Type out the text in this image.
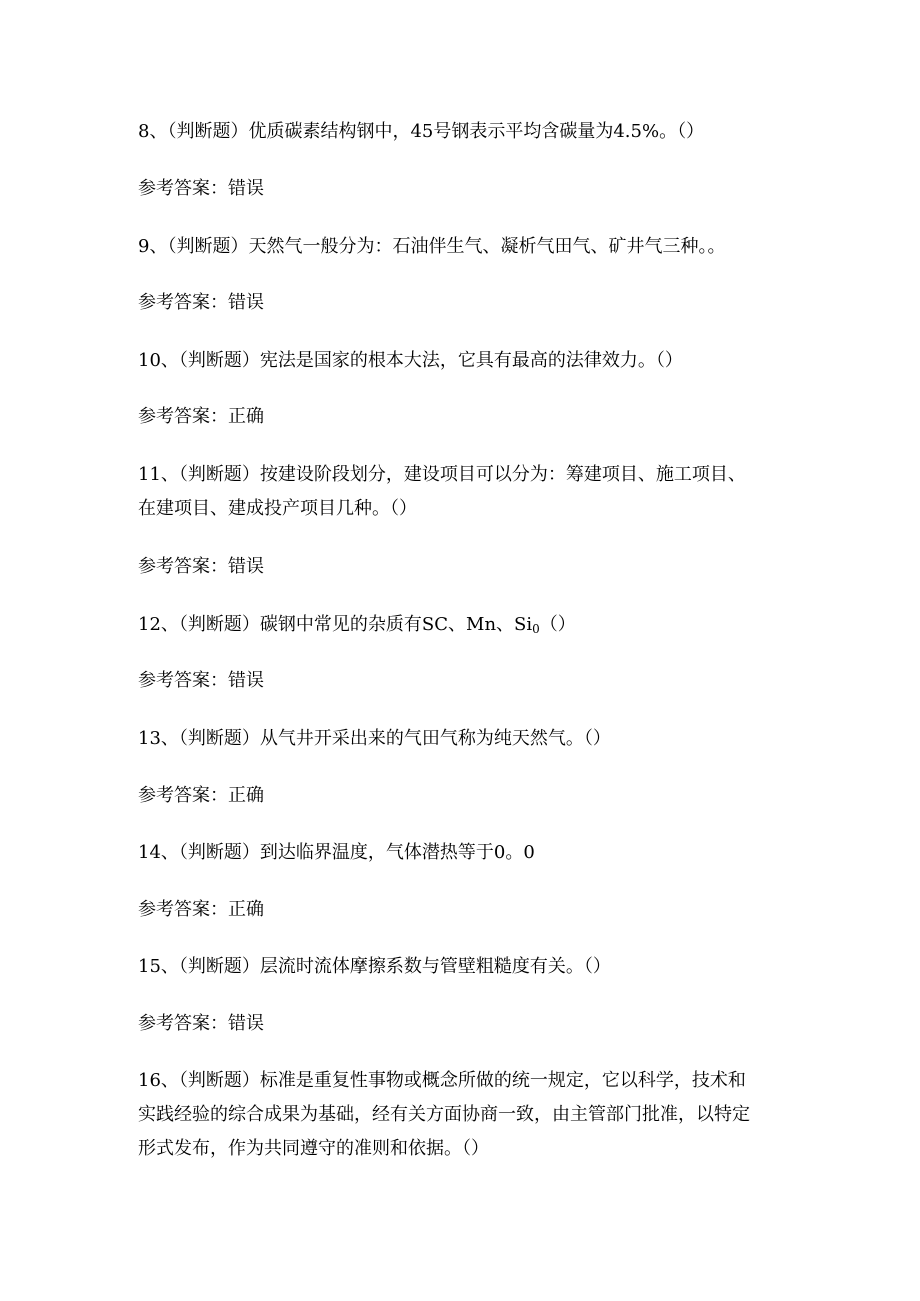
8、（判断题）优质碳素结构钢中，45号钢表示平均含碳量为4.5%。（）
参考答案：错误
9、（判断题）天然气一般分为：石油伴生气、凝析气田气、矿井气三种。。
参考答案：错误
10、（判断题）宪法是国家的根本大法，它具有最高的法律效力。（）
参考答案：正确
11、（判断题）按建设阶段划分，建设项目可以分为：筹建项目、施工项目、
在建项目、建成投产项目几种。（）
参考答案：错误
12、（判断题）碳钢中常见的杂质有SC、Mn、$Si_0()$
参考答案：错误
13、（判断题）从气井开采出来的气田气称为纯天然气。（）
参考答案：正确
14、（判断题）到达临界温度，气体潜热等于0。0
参考答案：正确
15、（判断题）层流时流体摩擦系数与管壁粗糙度有关。（）
参考答案：错误
16、（判断题）标准是重复性事物或概念所做的统一规定，它以科学，技术和
实践经验的综合成果为基础，经有关方面协商一致，由主管部门批准，以特定
形式发布，作为共同遵守的准则和依据。（）
